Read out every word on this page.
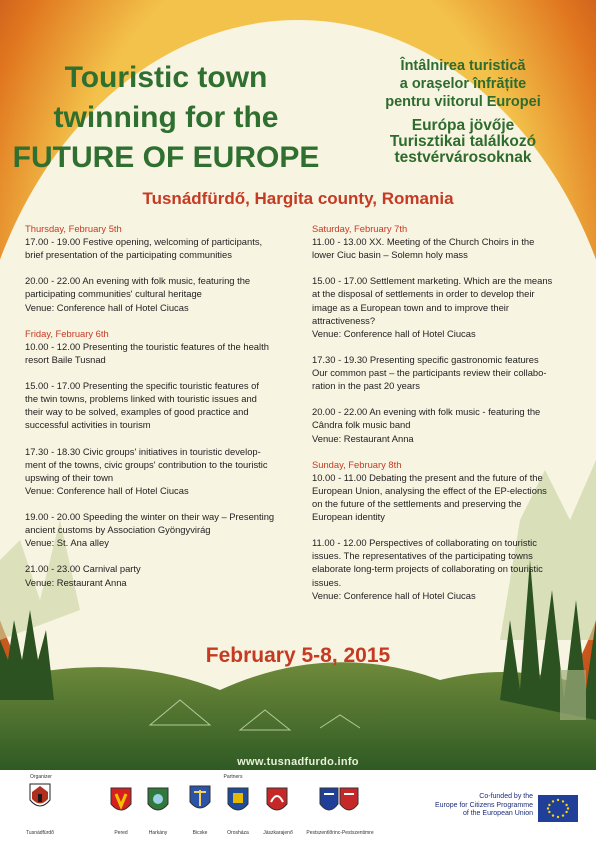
Touristic town
twinning for the
FUTURE OF EUROPE
Întâlnirea turistică
a orașelor înfrățite
pentru viitorul Europei
Európa jövője
Turisztikai találkozó
testvérvárosoknak
Tusnádfürdő, Hargita county, Romania
Thursday, February 5th
17.00 - 19.00 Festive opening, welcoming of participants,
brief presentation of the participating communities
20.00 - 22.00 An evening with folk music, featuring the
participating communities' cultural heritage
Venue: Conference hall of Hotel Ciucas
Friday, February 6th
10.00 - 12.00 Presenting the touristic features of the health
resort Baile Tusnad
15.00 - 17.00 Presenting the specific touristic features of
the twin towns, problems linked with touristic issues and
their way to be solved, examples of good practice and
successful activities in tourism
17.30 - 18.30 Civic groups' initiatives in touristic develop-
ment of the towns, civic groups' contribution to the touristic
upswing of their town
Venue: Conference hall of Hotel Ciucas
19.00 - 20.00 Speeding the winter on their way – Presenting
ancient customs by Association Gyöngyvirág
Venue: St. Ana alley
21.00 - 23.00 Carnival party
Venue: Restaurant Anna
Saturday, February 7th
11.00 - 13.00 XX. Meeting of the Church Choirs in the
lower Ciuc basin – Solemn holy mass
15.00 - 17.00 Settlement marketing. Which are the means
at the disposal of settlements in order to develop their
image as a European town and to improve their
attractiveness?
Venue: Conference hall of Hotel Ciucas
17.30 - 19.30 Presenting specific gastronomic features
Our common past – the participants review their collabo-
ration in the past 20 years
20.00 - 22.00 An evening with folk music - featuring the
Cândra folk music band
Venue: Restaurant Anna
Sunday, February 8th
10.00 - 11.00 Debating the present and the future of the
European Union, analysing the effect of the EP-elections
on the future of the settlements and preserving the
European identity
11.00 - 12.00 Perspectives of collaborating on touristic
issues. The representatives of the participating towns
elaborate long-term projects of collaborating on touristic
issues.
Venue: Conference hall of Hotel Ciucas
February 5-8, 2015
www.tusnadfurdo.info
Organizer
Tusnádfürdő
Partners
Pered	Harkány	Bicske	Orosháza	Jászkarajenő	Pestszentlőrinc-Pestszentimre
Co-funded by the
Europe for Citizens Programme
of the European Union
